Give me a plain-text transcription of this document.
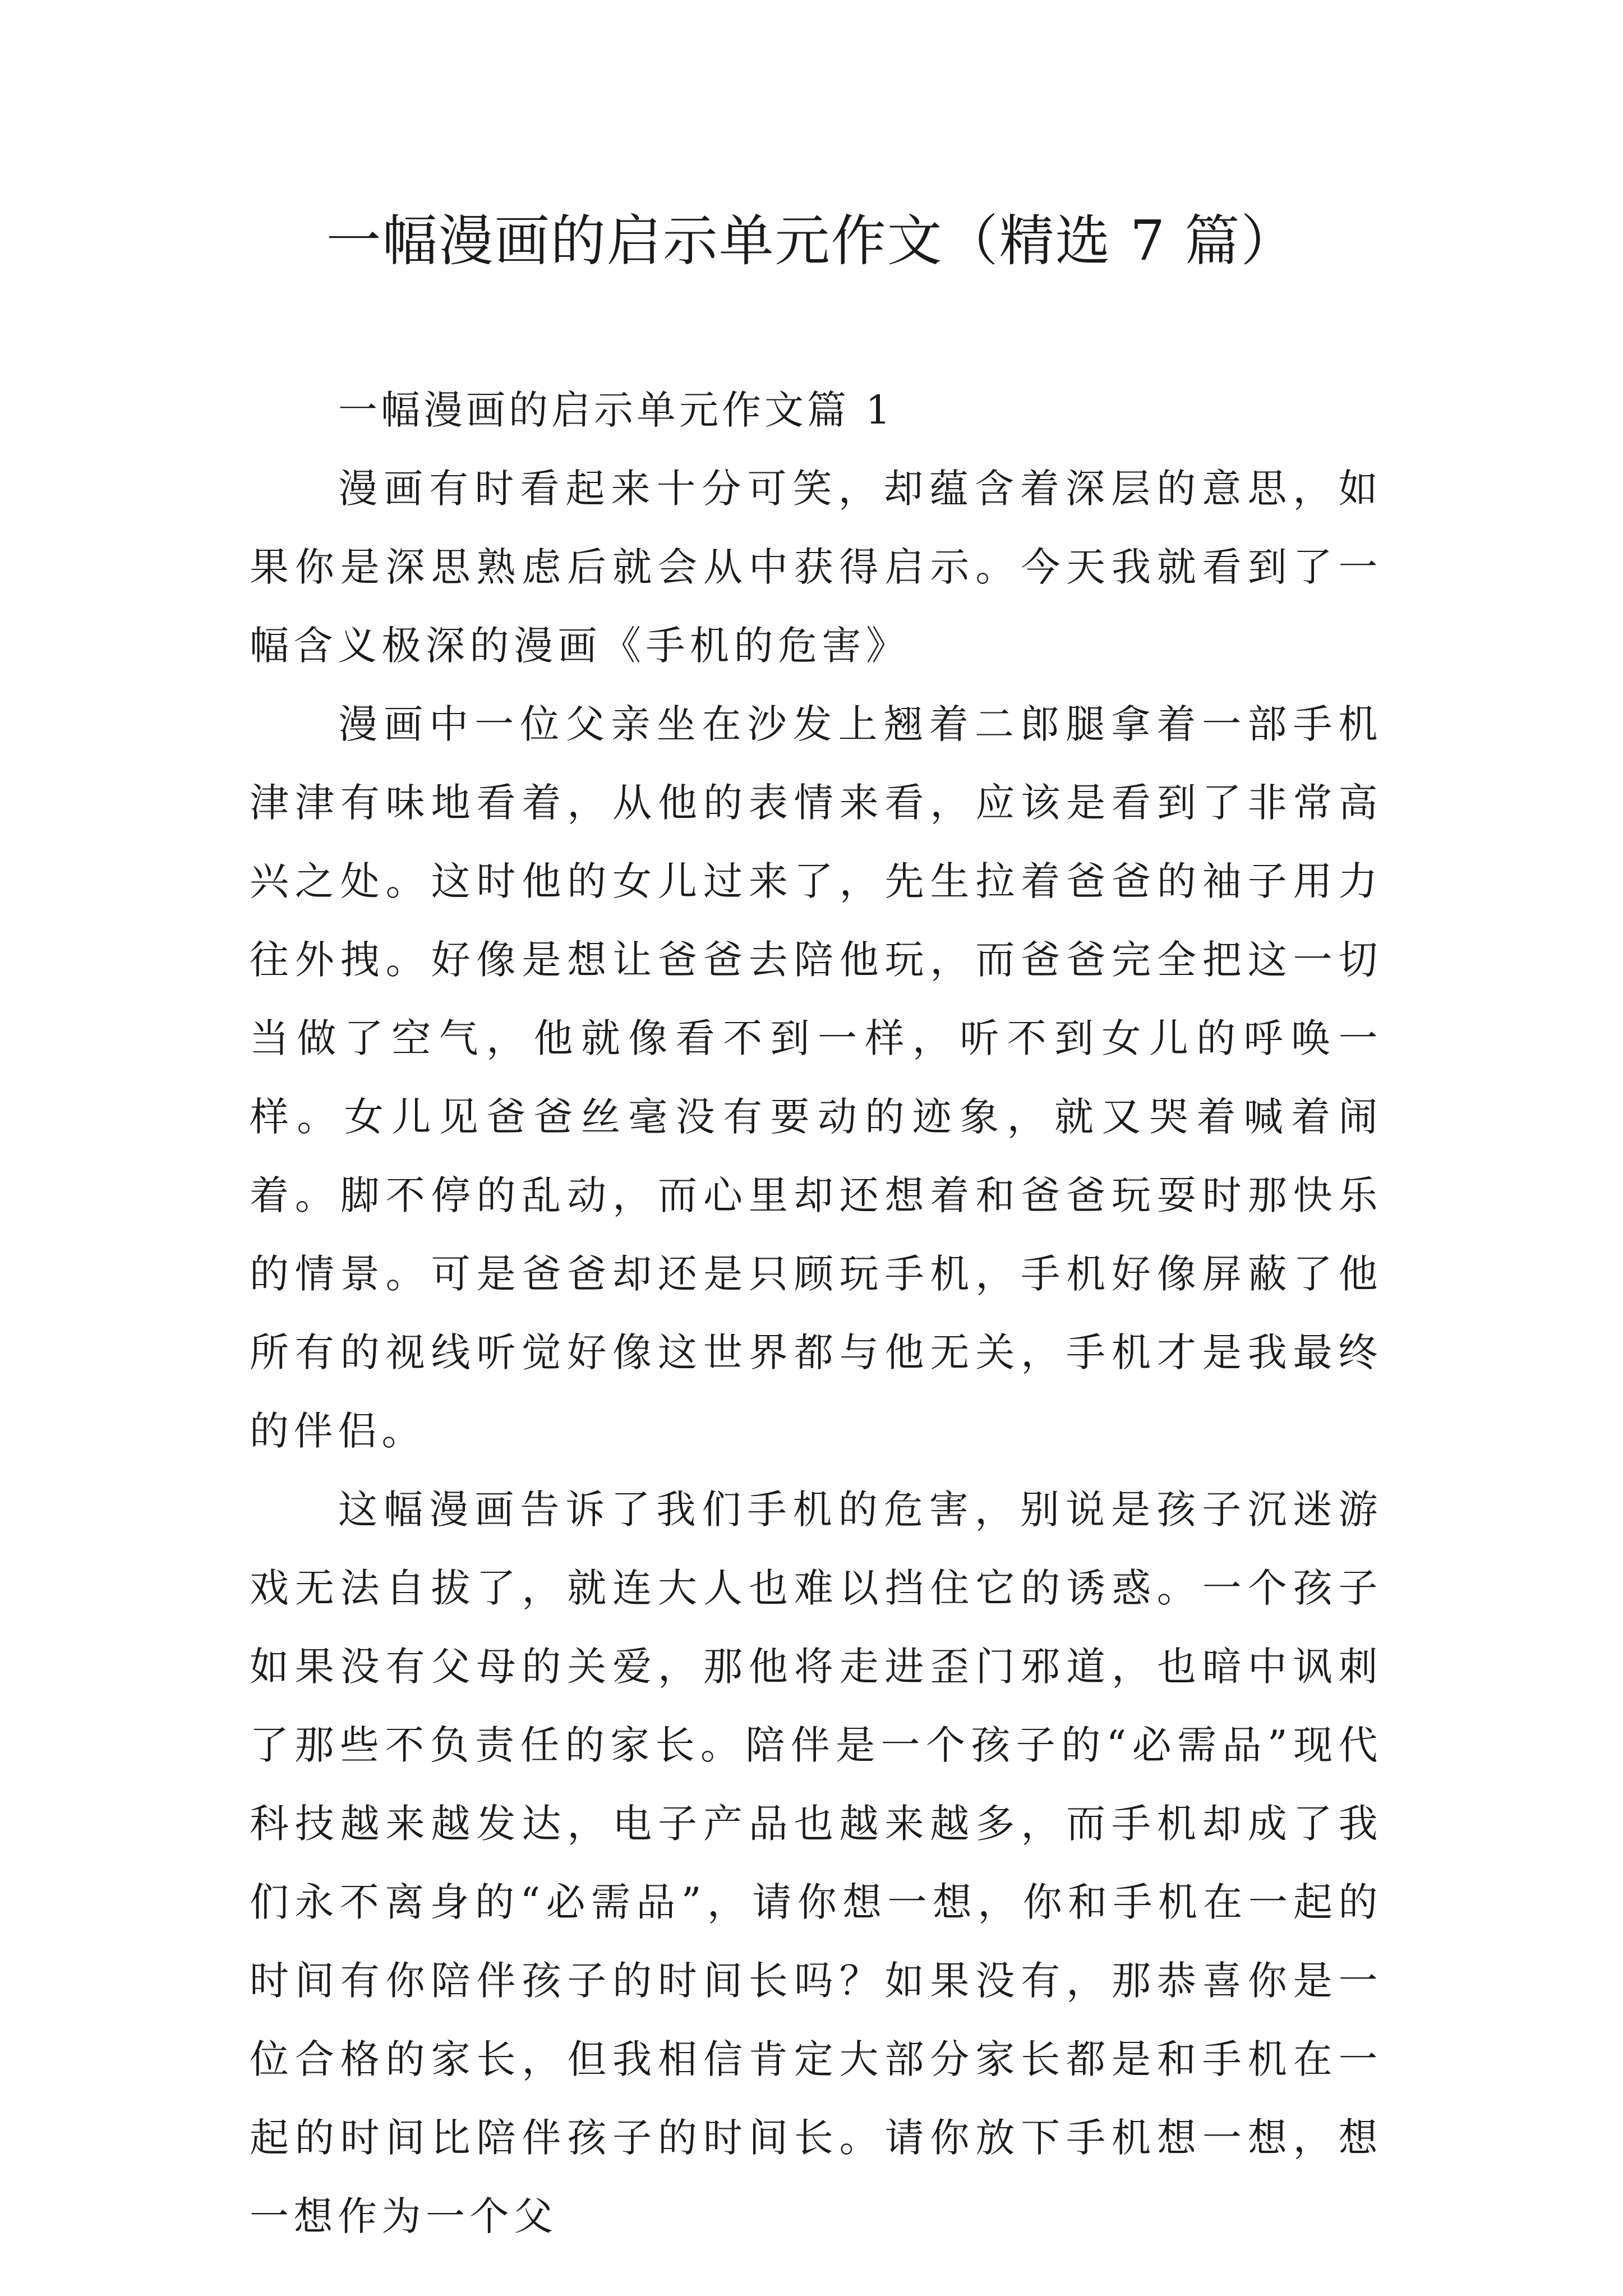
一幅漫画的启示单元作文（精选 7 篇）

一幅漫画的启示单元作文篇 1

漫画有时看起来十分可笑，却蕴含着深层的意思，如果你是深思熟虑后就会从中获得启示。今天我就看到了一幅含义极深的漫画《手机的危害》

漫画中一位父亲坐在沙发上翘着二郎腿拿着一部手机津津有味地看着，从他的表情来看，应该是看到了非常高兴之处。这时他的女儿过来了，先生拉着爸爸的袖子用力往外拽。好像是想让爸爸去陪他玩，而爸爸完全把这一切当做了空气，他就像看不到一样，听不到女儿的呼唤一样。女儿见爸爸丝毫没有要动的迹象，就又哭着喊着闹着。脚不停的乱动，而心里却还想着和爸爸玩耍时那快乐的情景。可是爸爸却还是只顾玩手机，手机好像屏蔽了他所有的视线听觉好像这世界都与他无关，手机才是我最终的伴侣。

这幅漫画告诉了我们手机的危害，别说是孩子沉迷游戏无法自拔了，就连大人也难以挡住它的诱惑。一个孩子如果没有父母的关爱，那他将走进歪门邪道，也暗中讽刺了那些不负责任的家长。陪伴是一个孩子的“必需品”现代科技越来越发达，电子产品也越来越多，而手机却成了我们永不离身的“必需品”，请你想一想，你和手机在一起的时间有你陪伴孩子的时间长吗？如果没有，那恭喜你是一位合格的家长，但我相信肯定大部分家长都是和手机在一起的时间比陪伴孩子的时间长。请你放下手机想一想，想一想作为一个父
